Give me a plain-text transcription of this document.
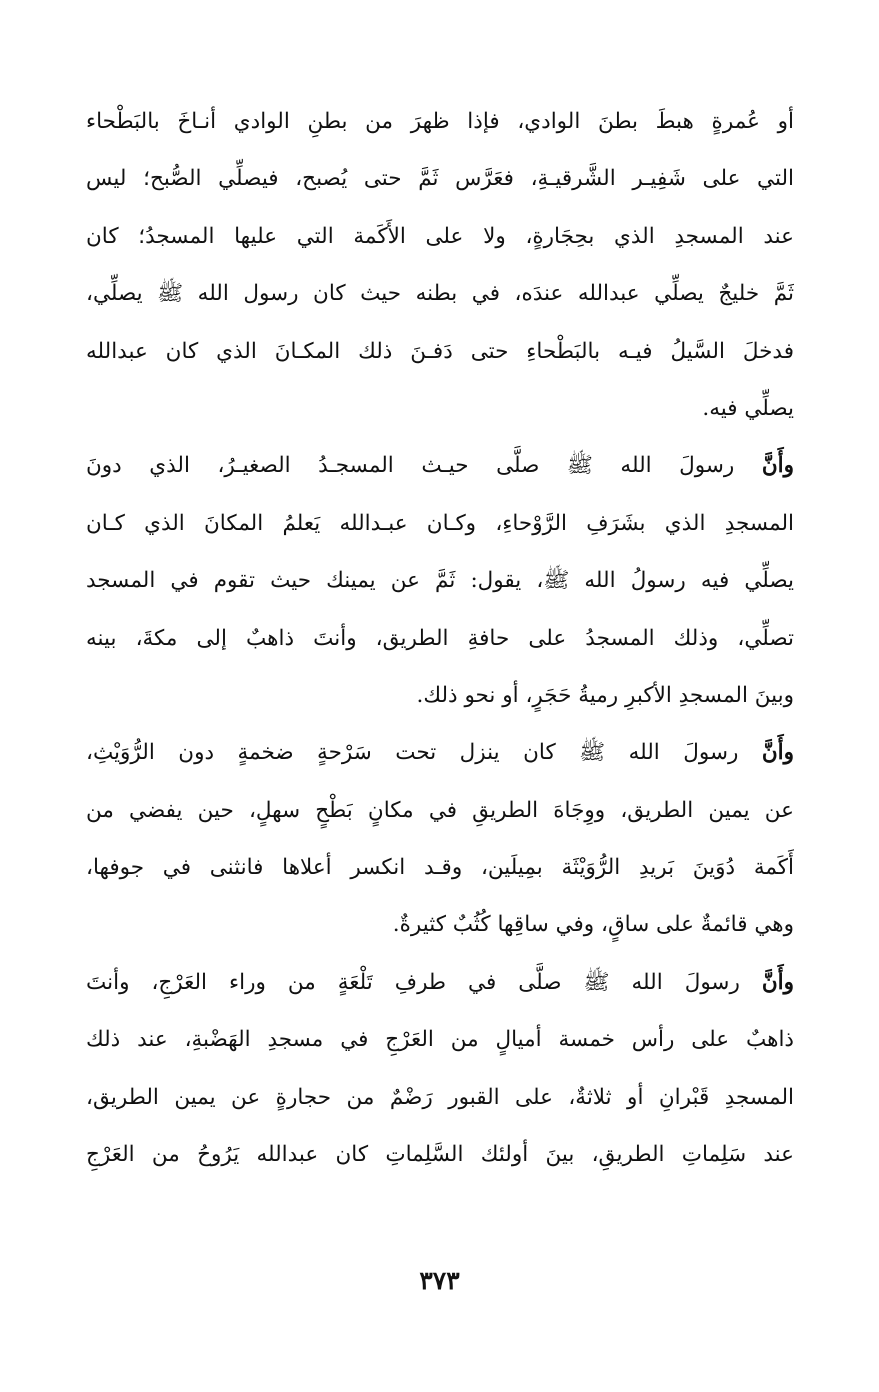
أو عُمرةٍ هبطَ بطنَ الوادي، فإذا ظهرَ من بطنِ الوادي أنـاخَ بالبَطْحاء
التي على شَفِيـر الشَّرقيـةِ، فعَرَّس ثَمَّ حتى يُصبح، فيصلِّي الصُّبح؛ ليس
عند المسجدِ الذي بحِجَارةٍ، ولا على الأَكَمة التي عليها المسجدُ؛ كان
ثَمَّ خليجٌ يصلِّي عبدالله عندَه، في بطنه حيث كان رسول الله ﷺ يصلِّي،
فدخلَ السَّيلُ فيـه بالبَطْحاءِ حتى دَفـنَ ذلك المكـانَ الذي كان عبدالله
يصلِّي فيه.
وأَنَّ رسولَ الله ﷺ صلَّى حيـث المسجـدُ الصغيـرُ، الذي دونَ
المسجدِ الذي بشَرَفِ الرَّوْحاءِ، وكـان عبـدالله يَعلمُ المكانَ الذي كـان
يصلِّي فيه رسولُ الله ﷺ، يقول: ثَمَّ عن يمينك حيث تقوم في المسجد
تصلِّي، وذلك المسجدُ على حافةِ الطريق، وأنتَ ذاهبٌ إلى مكةَ، بينه
وبينَ المسجدِ الأكبرِ رميةُ حَجَرٍ، أو نحو ذلك.
وأَنَّ رسولَ الله ﷺ كان ينزل تحت سَرْحةٍ ضخمةٍ دون الرُّوَيْثِ،
عن يمين الطريق، ووِجَاهَ الطريقِ في مكانٍ بَطْحٍ سهلٍ، حين يفضي من
أَكَمة دُوَينَ بَريدِ الرُّوَيْثَة بمِيلَين، وقـد انكسر أعلاها فانثنى في جوفها،
وهي قائمةٌ على ساقٍ، وفي ساقِها كُثُبٌ كثيرةٌ.
وأَنَّ رسولَ الله ﷺ صلَّى في طرفِ تَلْعَةٍ من وراء العَرْجِ، وأنتَ
ذاهبٌ على رأس خمسة أميالٍ من العَرْجِ في مسجدِ الهَضْبةِ، عند ذلك
المسجدِ قَبْرانِ أو ثلاثةٌ، على القبور رَضْمٌ من حجارةٍ عن يمين الطريق،
عند سَلِماتِ الطريقِ، بينَ أولئك السَّلِماتِ كان عبدالله يَرُوحُ من العَرْجِ
٣٧٣
